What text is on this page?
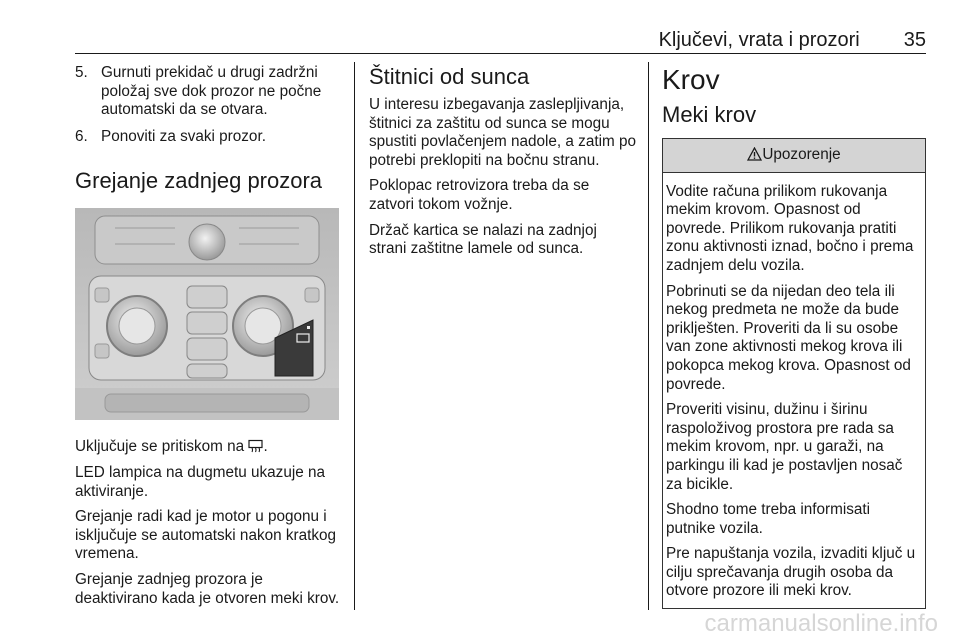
Ključevi, vrata i prozori 35
5. Gurnuti prekidač u drugi zadržni položaj sve dok prozor ne počne automatski da se otvara.
6. Ponoviti za svaki prozor.
Grejanje zadnjeg prozora

Uključuje se pritiskom na .

LED lampica na dugmetu ukazuje na aktiviranje.

Grejanje radi kad je motor u pogonu i isključuje se automatski nakon kratkog vremena.

Grejanje zadnjeg prozora je deaktivirano kada je otvoren meki krov.

Štitnici od sunca

U interesu izbegavanja zaslepljivanja, štitnici za zaštitu od sunca se mogu spustiti povlačenjem nadole, a zatim po potrebi preklopiti na bočnu stranu.

Poklopac retrovizora treba da se zatvori tokom vožnje.

Držač kartica se nalazi na zadnjoj strani zaštitne lamele od sunca.

Krov
Meki krov
Upozorenje

Vodite računa prilikom rukovanja mekim krovom. Opasnost od povrede. Prilikom rukovanja pratiti zonu aktivnosti iznad, bočno i prema zadnjem delu vozila.

Pobrinuti se da nijedan deo tela ili nekog predmeta ne može da bude priklješten. Proveriti da li su osobe van zone aktivnosti mekog krova ili pokopca mekog krova. Opasnost od povrede.

Proveriti visinu, dužinu i širinu raspoloživog prostora pre rada sa mekim krovom, npr. u garaži, na parkingu ili kad je postavljen nosač za bicikle.

Shodno tome treba informisati putnike vozila.

Pre napuštanja vozila, izvaditi ključ u cilju sprečavanja drugih osoba da otvore prozore ili meki krov.

carmanualsonline.info
